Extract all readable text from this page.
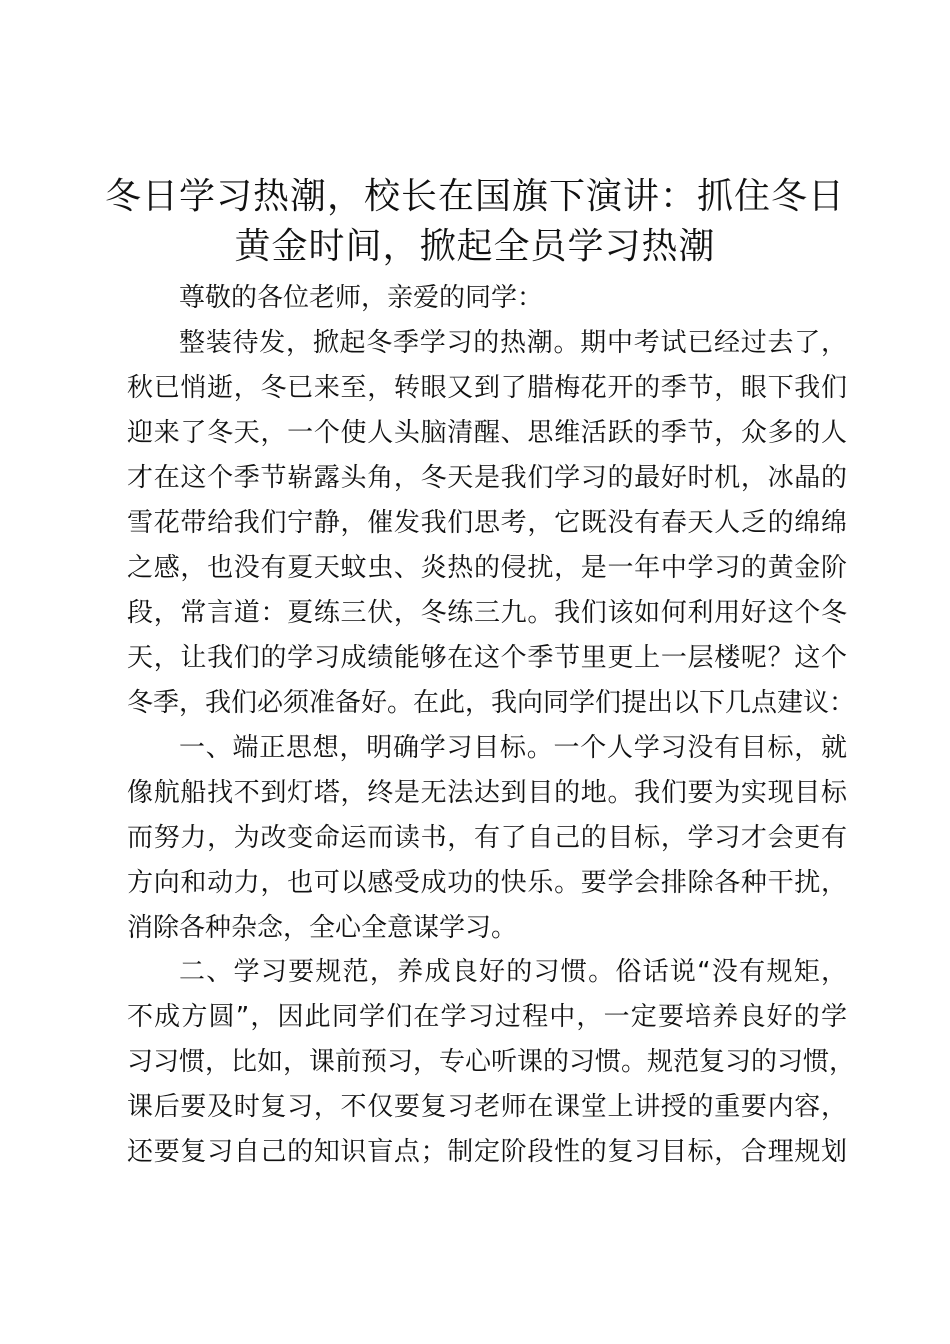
冬日学习热潮，校长在国旗下演讲：抓住冬日
黄金时间，掀起全员学习热潮

尊敬的各位老师，亲爱的同学：

整装待发，掀起冬季学习的热潮。期中考试已经过去了，

秋已悄逝，冬已来至，转眼又到了腊梅花开的季节，眼下我们

迎来了冬天，一个使人头脑清醒、思维活跃的季节，众多的人

才在这个季节崭露头角，冬天是我们学习的最好时机，冰晶的

雪花带给我们宁静，催发我们思考，它既没有春天人乏的绵绵

之感，也没有夏天蚊虫、炎热的侵扰，是一年中学习的黄金阶

段，常言道：夏练三伏，冬练三九。我们该如何利用好这个冬

天，让我们的学习成绩能够在这个季节里更上一层楼呢？这个

冬季，我们必须准备好。在此，我向同学们提出以下几点建议：

一、端正思想，明确学习目标。一个人学习没有目标，就

像航船找不到灯塔，终是无法达到目的地。我们要为实现目标

而努力，为改变命运而读书，有了自己的目标，学习才会更有

方向和动力，也可以感受成功的快乐。要学会排除各种干扰，

消除各种杂念，全心全意谋学习。

二、学习要规范，养成良好的习惯。俗话说“没有规矩，

不成方圆”，因此同学们在学习过程中，一定要培养良好的学

习习惯，比如，课前预习，专心听课的习惯。规范复习的习惯，

课后要及时复习，不仅要复习老师在课堂上讲授的重要内容，

还要复习自己的知识盲点；制定阶段性的复习目标，合理规划
